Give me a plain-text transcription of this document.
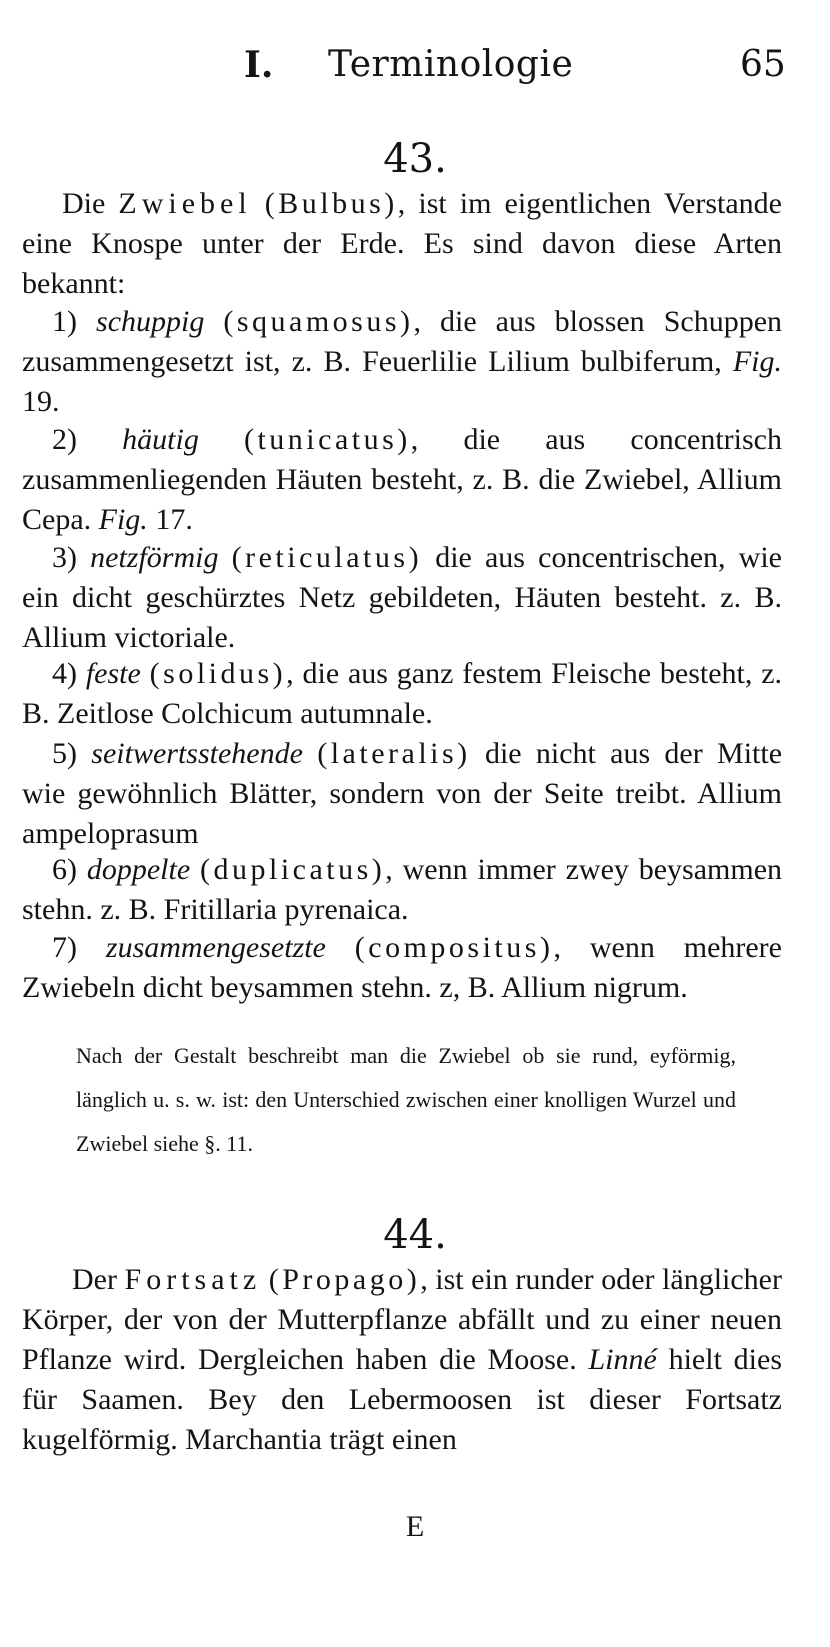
I. Terminologie	65
43.

Die Zwiebel (Bulbus), ist im eigentlichen Verstande eine Knospe unter der Erde. Es sind davon diese Arten bekannt:

1) schuppig (squamosus), die aus blossen Schuppen zusammengesetzt ist, z. B. Feuerlilie Lilium bulbiferum, Fig. 19.

2) häutig (tunicatus), die aus concentrisch zusammenliegenden Häuten besteht, z. B. die Zwiebel, Allium Cepa. Fig. 17.

3) netzförmig (reticulatus) die aus concentrischen, wie ein dicht geschürztes Netz gebildeten, Häuten besteht. z. B. Allium victoriale.

4) feste (solidus), die aus ganz festem Fleische besteht, z. B. Zeitlose Colchicum autumnale.

5) seitwertsstehende (lateralis) die nicht aus der Mitte wie gewöhnlich Blätter, sondern von der Seite treibt. Allium ampeloprasum

6) doppelte (duplicatus), wenn immer zwey beysammen stehn. z. B. Fritillaria pyrenaica.

7) zusammengesetzte (compositus), wenn mehrere Zwiebeln dicht beysammen stehn. z, B. Allium nigrum.

Nach der Gestalt beschreibt man die Zwiebel ob sie rund, eyförmig, länglich u. s. w. ist: den Unterschied zwischen einer knolligen Wurzel und Zwiebel siehe §. 11.

44.

Der Fortsatz (Propago), ist ein runder oder länglicher Körper, der von der Mutterpflanze abfällt und zu einer neuen Pflanze wird. Dergleichen haben die Moose. Linné hielt dies für Saamen. Bey den Lebermoosen ist dieser Fortsatz kugelförmig. Marchantia trägt einen

E
